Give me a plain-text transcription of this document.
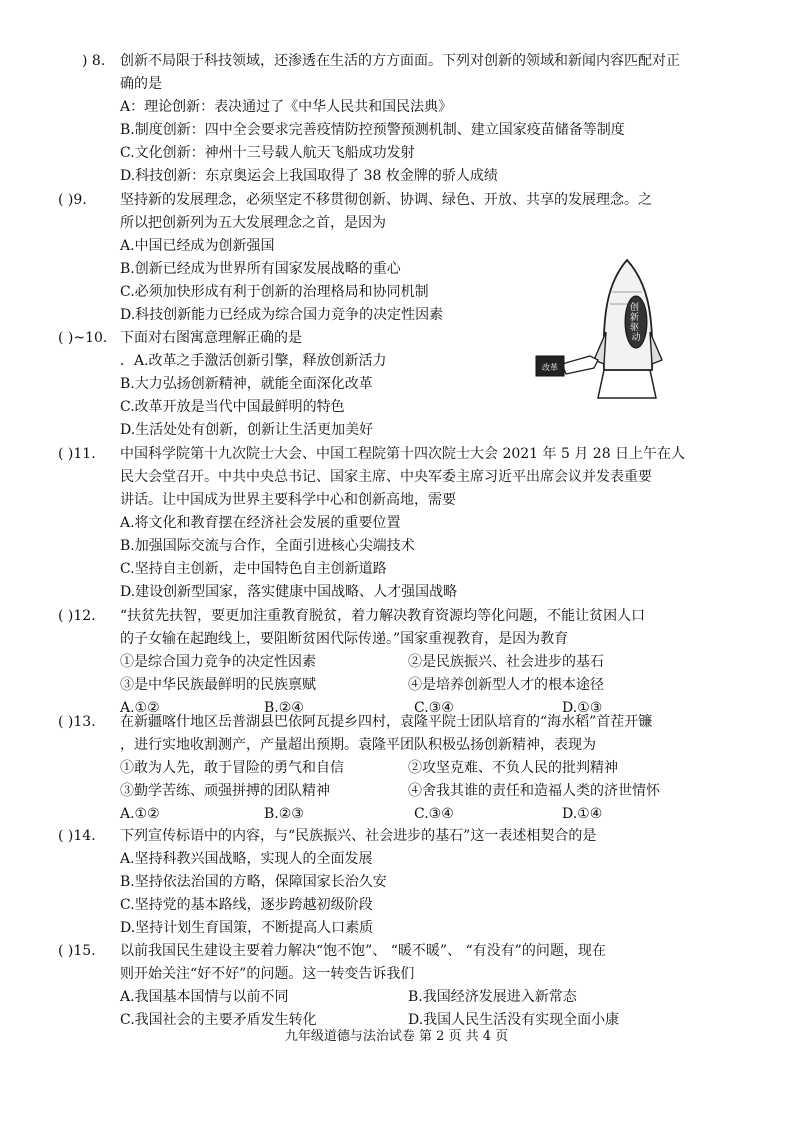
) 8.	创新不局限于科技领域，还渗透在生活的方方面面。下列对创新的领域和新闻内容匹配对正
确的是
A：理论创新：表决通过了《中华人民共和国民法典》
B.制度创新：四中全会要求完善疫情防控预警预测机制、建立国家疫苗储备等制度
C.文化创新：神州十三号载人航天飞船成功发射
D.科技创新：东京奥运会上我国取得了 38 枚金牌的骄人成绩
( )9.	坚持新的发展理念，必须坚定不移贯彻创新、协调、绿色、开放、共享的发展理念。之
所以把创新列为五大发展理念之首，是因为
A.中国已经成为创新强国
B.创新已经成为世界所有国家发展战略的重心
C.必须加快形成有利于创新的治理格局和协同机制
D.科技创新能力已经成为综合国力竞争的决定性因素
( )~10. 下面对右图寓意理解正确的是
．A.改革之手激活创新引擎，释放创新活力
B.大力弘扬创新精神，就能全面深化改革
C.改革开放是当代中国最鲜明的特色
D.生活处处有创新，创新让生活更加美好
创 新 驱 动
改革
( )11.	中国科学院第十九次院士大会、中国工程院第十四次院士大会 2021 年 5 月 28 日上午在人
民大会堂召开。中共中央总书记、国家主席、中央军委主席习近平出席会议并发表重要
讲话。让中国成为世界主要科学中心和创新高地，需要
A.将文化和教育摆在经济社会发展的重要位置
B.加强国际交流与合作，全面引进核心尖端技术
C.坚持自主创新，走中国特色自主创新道路
D.建设创新型国家，落实健康中国战略、人才强国战略
( )12.	“扶贫先扶智，要更加注重教育脱贫，着力解决教育资源均等化问题，不能让贫困人口
的子女输在起跑线上，要阻断贫困代际传递。”国家重视教育，是因为教育
①是综合国力竞争的决定性因素	②是民族振兴、社会进步的基石
③是中华民族最鲜明的民族禀赋	④是培养创新型人才的根本途径
A.①②	B.②④	C.③④	D.①③
( )13.	在新疆喀什地区岳普湖县巴依阿瓦提乡四村，袁隆平院士团队培育的“海水稻”首茬开镰
，进行实地收割测产，产量超出预期。袁隆平团队积极弘扬创新精神，表现为
①敢为人先，敢于冒险的勇气和自信	②攻坚克难、不负人民的批判精神
③勤学苦练、顽强拼搏的团队精神	④舍我其谁的责任和造福人类的济世情怀
A.①②	B.②③	C.③④	D.①④
( )14.	下列宣传标语中的内容，与“民族振兴、社会进步的基石”这一表述相契合的是
A.坚持科教兴国战略，实现人的全面发展
B.坚持依法治国的方略，保障国家长治久安
C.坚持党的基本路线，逐步跨越初级阶段
D.坚持计划生育国策，不断提高人口素质
( )15.	以前我国民生建设主要着力解决“饱不饱”、 “暖不暖”、 “有没有”的问题，现在
则开始关注“好不好”的问题。这一转变告诉我们
A.我国基本国情与以前不同	B.我国经济发展进入新常态
C.我国社会的主要矛盾发生转化	D.我国人民生活没有实现全面小康
九年级道德与法治试卷 第 2 页 共 4 页
